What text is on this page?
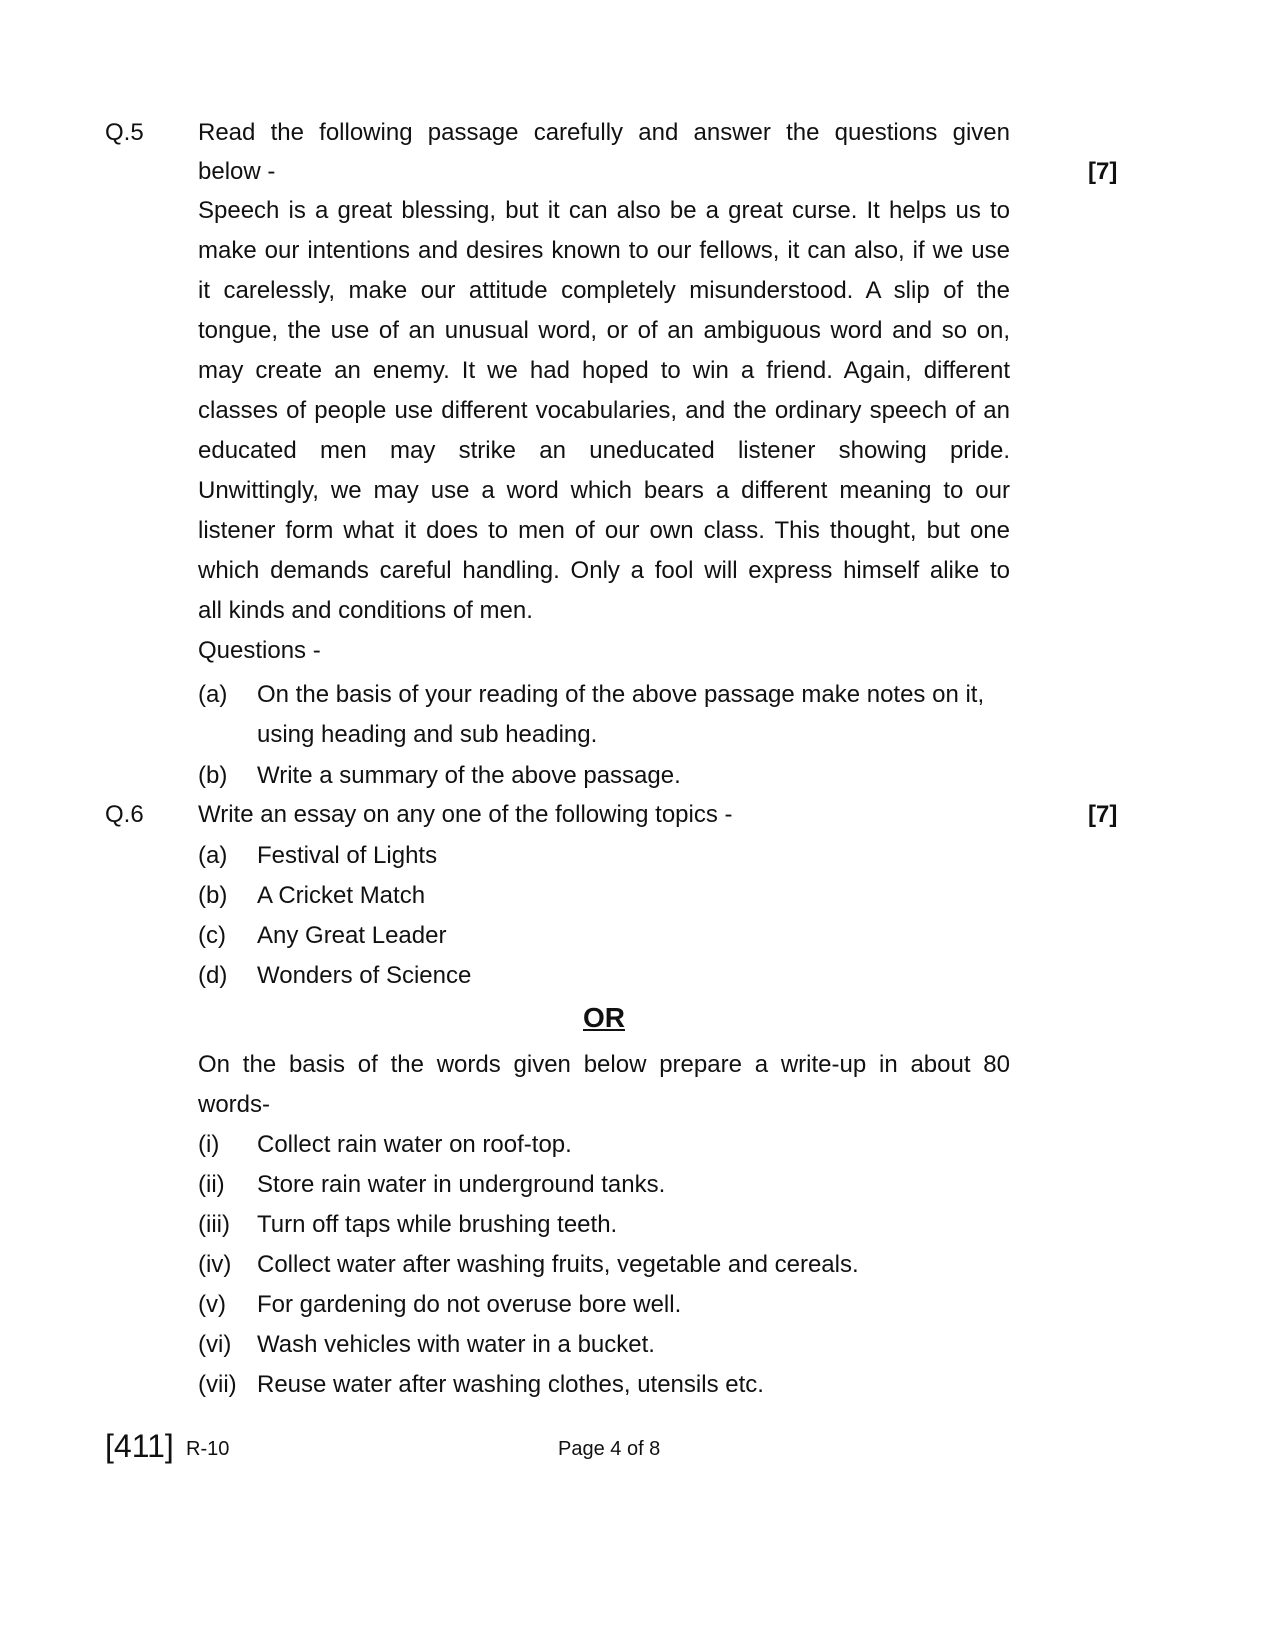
Q.5 Read the following passage carefully and answer the questions given
below -	[7]
Speech is a great blessing, but it can also be a great curse. It helps us to
make our intentions and desires known to our fellows, it can also, if we use
it carelessly, make our attitude completely misunderstood. A slip of the
tongue, the use of an unusual word, or of an ambiguous word and so on,
may create an enemy. It we had hoped to win a friend. Again, different
classes of people use different vocabularies, and the ordinary speech of an
educated men may strike an uneducated listener showing pride.
Unwittingly, we may use a word which bears a different meaning to our
listener form what it does to men of our own class. This thought, but one
which demands careful handling. Only a fool will express himself alike to
all kinds and conditions of men.
Questions -
(a) On the basis of your reading of the above passage make notes on it,
using heading and sub heading.
(b) Write a summary of the above passage.
Q.6 Write an essay on any one of the following topics -	[7]
(a) Festival of Lights
(b) A Cricket Match
(c) Any Great Leader
(d) Wonders of Science
OR
On the basis of the words given below prepare a write-up in about 80
words-
(i) Collect rain water on roof-top.
(ii) Store rain water in underground tanks.
(iii) Turn off taps while brushing teeth.
(iv) Collect water after washing fruits, vegetable and cereals.
(v) For gardening do not overuse bore well.
(vi) Wash vehicles with water in a bucket.
(vii) Reuse water after washing clothes, utensils etc.
[411] R-10	Page 4 of 8
